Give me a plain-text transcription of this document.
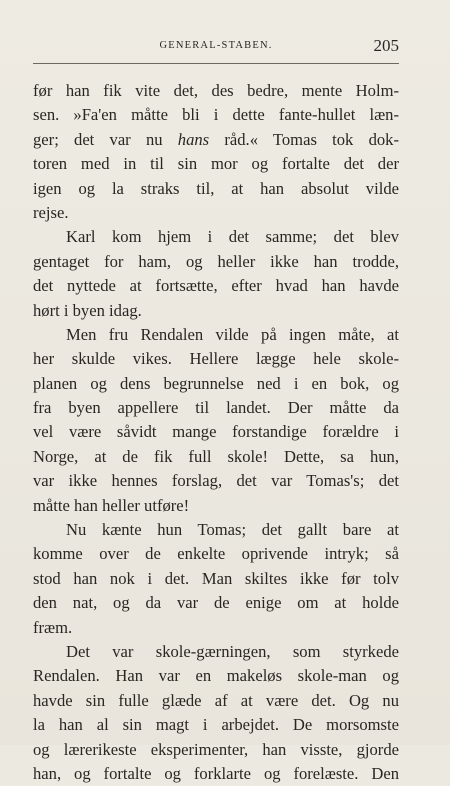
GENERAL-STABEN.	205
før han fik vite det, des bedre, mente Holm-
sen. »Fa'en måtte bli i dette fante-hullet læn-
ger; det var nu hans råd.« Tomas tok dok-
toren med in til sin mor og fortalte det der
igen og la straks til, at han absolut vilde
rejse.
Karl kom hjem i det samme; det blev
gentaget for ham, og heller ikke han trodde,
det nyttede at fortsætte, efter hvad han havde
hørt i byen idag.
Men fru Rendalen vilde på ingen måte, at
her skulde vikes. Hellere lægge hele skole-
planen og dens begrunnelse ned i en bok, og
fra byen appellere til landet. Der måtte da
vel være såvidt mange forstandige forældre i
Norge, at de fik full skole! Dette, sa hun,
var ikke hennes forslag, det var Tomas's; det
måtte han heller utføre!
Nu kænte hun Tomas; det gallt bare at
komme over de enkelte oprivende intryk; så
stod han nok i det. Man skiltes ikke før tolv
den nat, og da var de enige om at holde
fræm.
Det var skole-gærningen, som styrkede
Rendalen. Han var en makeløs skole-man og
havde sin fulle glæde af at være det. Og nu
la han al sin magt i arbejdet. De morsomste
og lærerikeste eksperimenter, han visste, gjorde
han, og fortalte og forklarte og forelæste. Den
